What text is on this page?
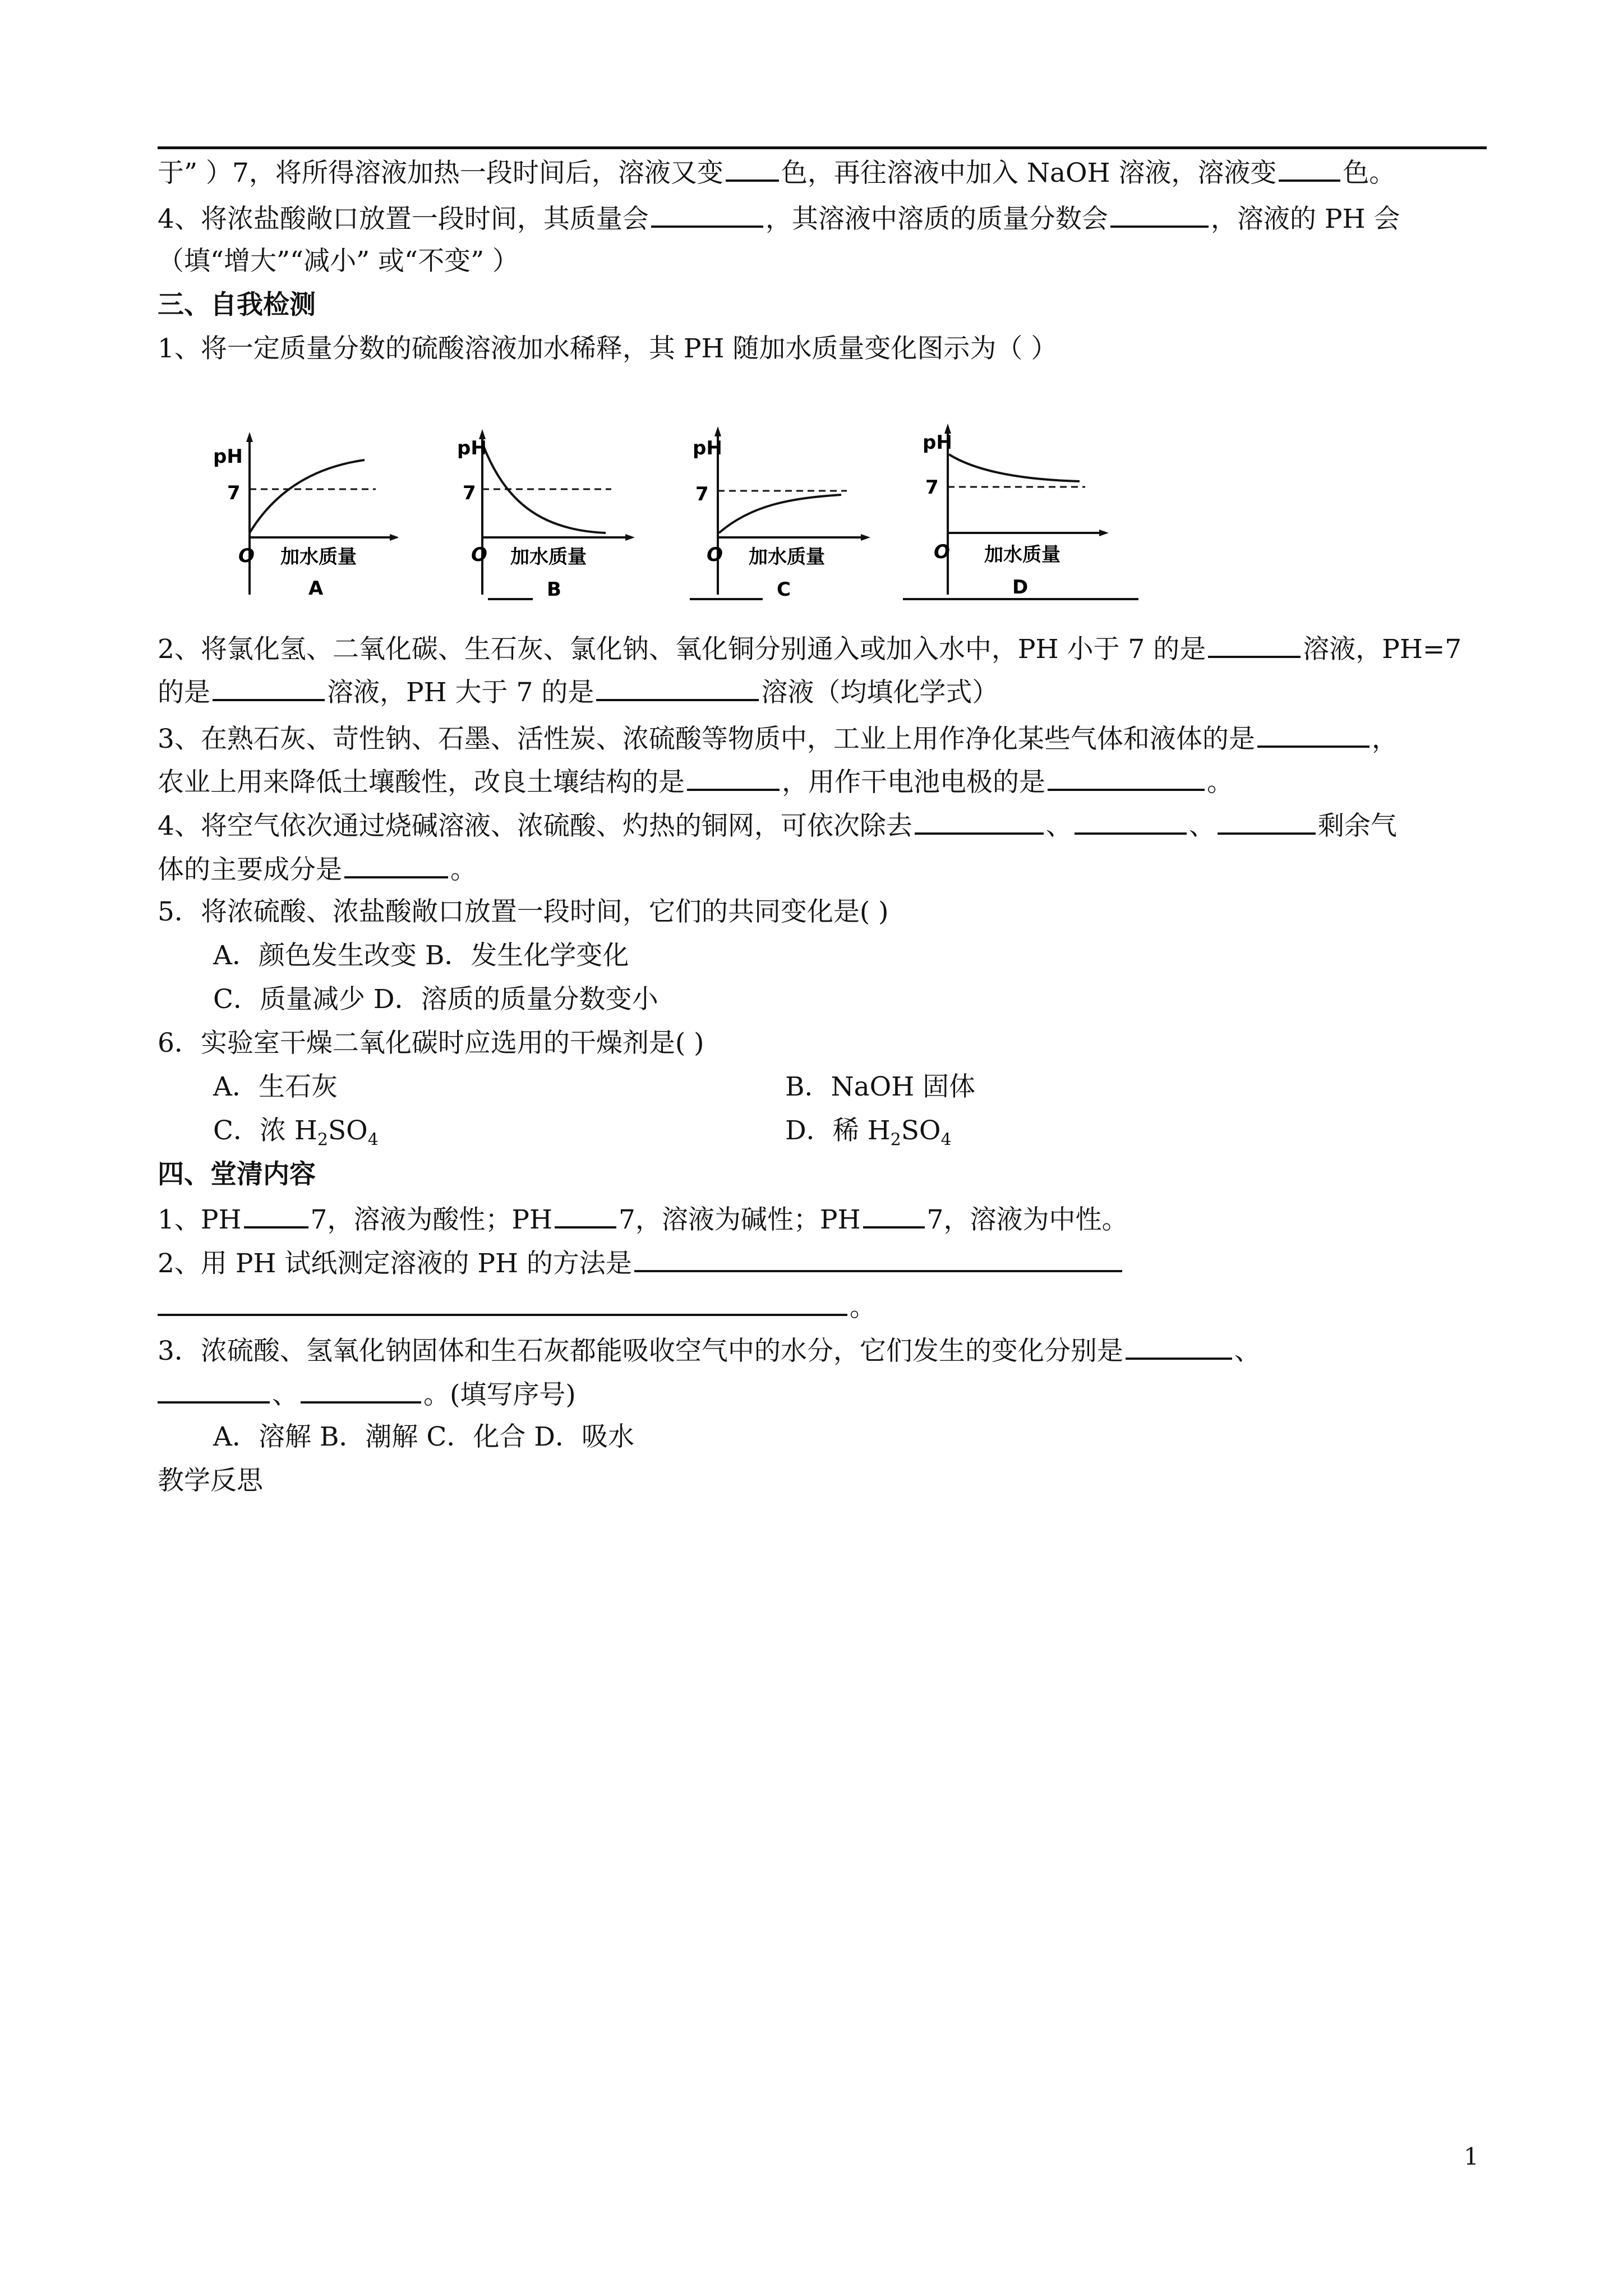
于” ）7，将所得溶液加热一段时间后，溶液又变 色，再往溶液中加入 NaOH 溶液，溶液变	色。
4、将浓盐酸敞口放置一段时间，其质量会	，其溶液中溶质的质量分数会	，溶液的 PH 会
（填“增大”“减小” 或“不变” ）
三、自我检测
1、将一定质量分数的硫酸溶液加水稀释，其 PH 随加水质量变化图示为（ ）
pH
7
O 加水质量
A
pH
7
O 加水质量
B
pH
7
O 加水质量
C
pH
7
O 加水质量
D
2、将氯化氢、二氧化碳、生石灰、氯化钠、氧化铜分别通入或加入水中，PH 小于 7 的是	溶液，PH=7
的是	溶液，PH 大于 7 的是	溶液（均填化学式）
3、在熟石灰、苛性钠、石墨、活性炭、浓硫酸等物质中，工业上用作净化某些气体和液体的是	，
农业上用来降低土壤酸性，改良土壤结构的是	，用作干电池电极的是	。
4、将空气依次通过烧碱溶液、浓硫酸、灼热的铜网，可依次除去	、	、	剩余气
体的主要成分是	。
5．将浓硫酸、浓盐酸敞口放置一段时间，它们的共同变化是( )
A．颜色发生改变 B．发生化学变化
C．质量减少 D．溶质的质量分数变小
6．实验室干燥二氧化碳时应选用的干燥剂是( )
A．生石灰	B．NaOH 固体
C．浓 $H_2SO_4$	D．稀 $H_2SO_4$
四、堂清内容
1、PH	7，溶液为酸性；PH	7，溶液为碱性；PH	7，溶液为中性。
2、用 PH 试纸测定溶液的 PH 的方法是
。
3．浓硫酸、氢氧化钠固体和生石灰都能吸收空气中的水分，它们发生的变化分别是	、
、	。(填写序号)
A．溶解 B．潮解 C．化合 D．吸水
教学反思
1
